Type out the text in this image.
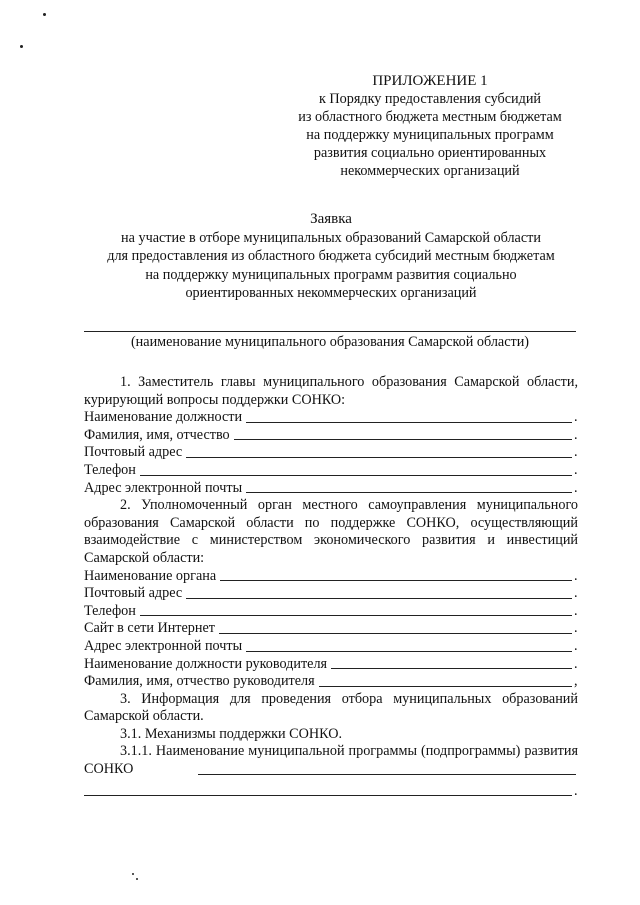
ПРИЛОЖЕНИЕ 1
к Порядку предоставления субсидий
из областного бюджета местным бюджетам
на поддержку муниципальных программ
развития социально ориентированных
некоммерческих организаций
Заявка
на участие в отборе муниципальных образований Самарской области
для предоставления из областного бюджета субсидий местным бюджетам
на поддержку муниципальных программ развития социально
ориентированных некоммерческих организаций
(наименование муниципального образования Самарской области)

1. Заместитель главы муниципального образования Самарской области, курирующий вопросы поддержки СОНКО:

Наименование должности	.
Фамилия, имя, отчество	.
Почтовый адрес	.
Телефон	.
Адрес электронной почты	.

2. Уполномоченный орган местного самоуправления муниципального образования Самарской области по поддержке СОНКО, осуществляющий взаимодействие с министерством экономического развития и инвестиций Самарской области:

Наименование органа	.
Почтовый адрес	.
Телефон	.
Сайт в сети Интернет	.
Адрес электронной почты	.
Наименование должности руководителя	.
Фамилия, имя, отчество руководителя	,

3. Информация для проведения отбора муниципальных образований Самарской области.

3.1. Механизмы поддержки СОНКО.

3.1.1. Наименование муниципальной программы (подпрограммы) развития СОНКО

.
